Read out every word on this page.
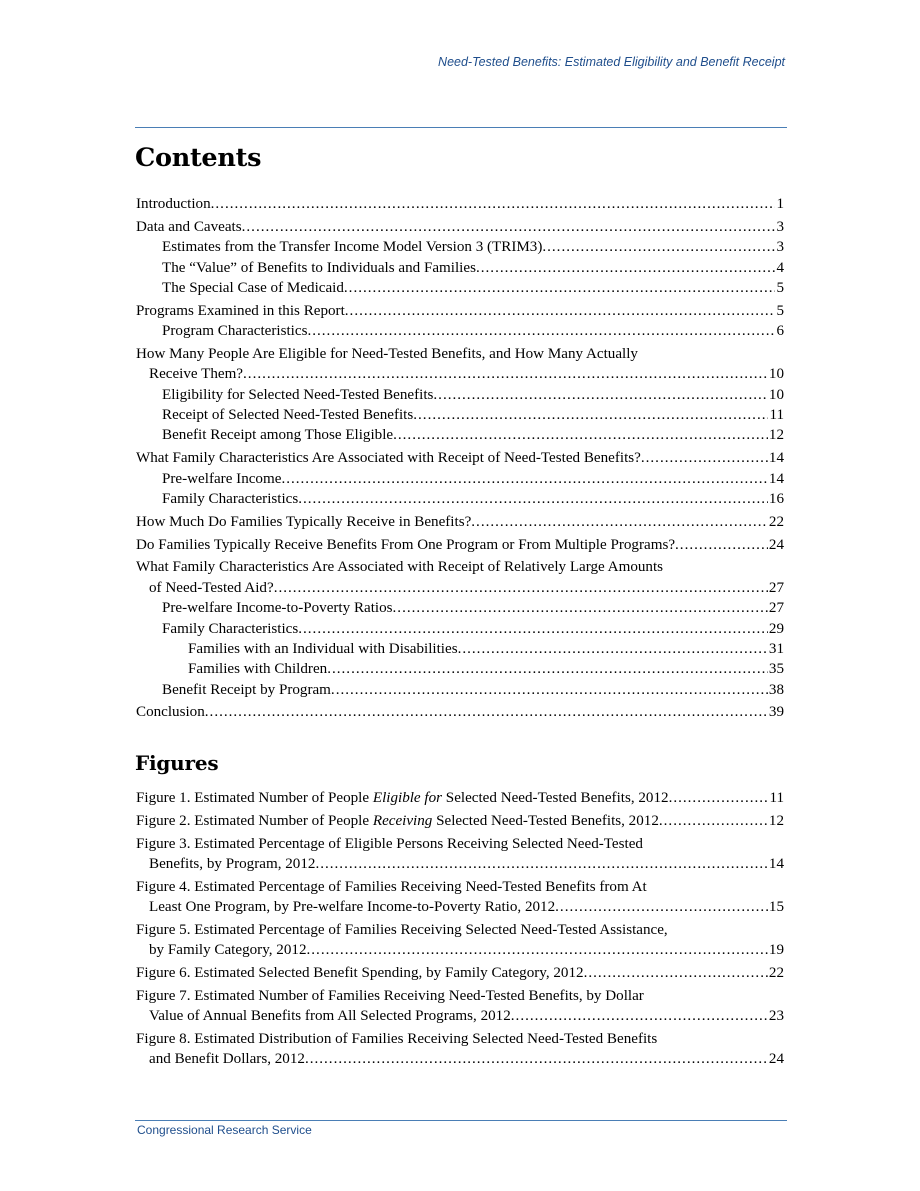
Need-Tested Benefits: Estimated Eligibility and Benefit Receipt
Contents
Introduction .....	1
Data and Caveats .....	3
Estimates from the Transfer Income Model Version 3 (TRIM3) .....	3
The “Value” of Benefits to Individuals and Families .....	4
The Special Case of Medicaid .....	5
Programs Examined in this Report .....	5
Program Characteristics .....	6
How Many People Are Eligible for Need-Tested Benefits, and How Many Actually
Receive Them? .....	10
Eligibility for Selected Need-Tested Benefits .....	10
Receipt of Selected Need-Tested Benefits .....	11
Benefit Receipt among Those Eligible .....	12
What Family Characteristics Are Associated with Receipt of Need-Tested Benefits? .....	14
Pre-welfare Income .....	14
Family Characteristics .....	16
How Much Do Families Typically Receive in Benefits? .....	22
Do Families Typically Receive Benefits From One Program or From Multiple Programs? .....	24
What Family Characteristics Are Associated with Receipt of Relatively Large Amounts
of Need-Tested Aid? .....	27
Pre-welfare Income-to-Poverty Ratios .....	27
Family Characteristics .....	29
Families with an Individual with Disabilities .....	31
Families with Children .....	35
Benefit Receipt by Program .....	38
Conclusion .....	39
Figures
Figure 1. Estimated Number of People Eligible for Selected Need-Tested Benefits, 2012 .....	11
Figure 2. Estimated Number of People Receiving Selected Need-Tested Benefits, 2012 .....	12
Figure 3. Estimated Percentage of Eligible Persons Receiving Selected Need-Tested
Benefits, by Program, 2012 .....	14
Figure 4. Estimated Percentage of Families Receiving Need-Tested Benefits from At
Least One Program, by Pre-welfare Income-to-Poverty Ratio, 2012 .....	15
Figure 5. Estimated Percentage of Families Receiving Selected Need-Tested Assistance,
by Family Category, 2012 .....	19
Figure 6. Estimated Selected Benefit Spending, by Family Category, 2012 .....	22
Figure 7. Estimated Number of Families Receiving Need-Tested Benefits, by Dollar
Value of Annual Benefits from All Selected Programs, 2012 .....	23
Figure 8. Estimated Distribution of Families Receiving Selected Need-Tested Benefits
and Benefit Dollars, 2012 .....	24
Congressional Research Service
